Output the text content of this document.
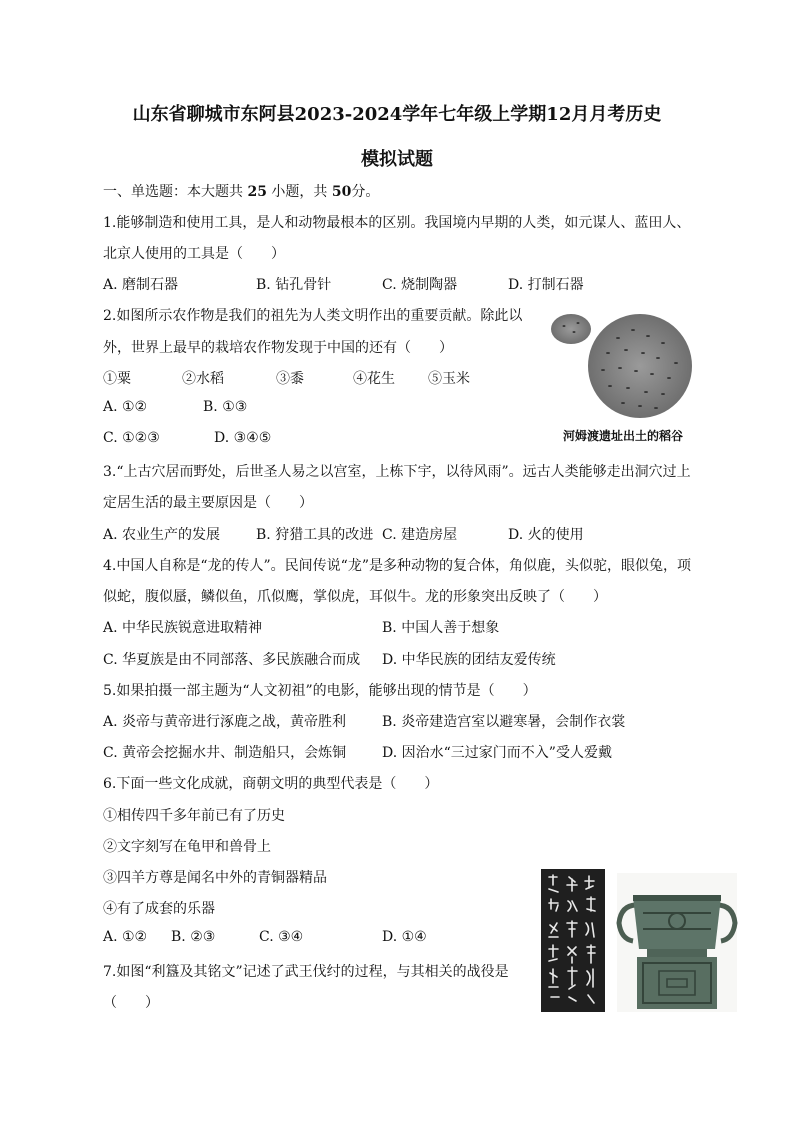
山东省聊城市东阿县2023-2024学年七年级上学期12月月考历史
模拟试题
一、单选题：本大题共 25 小题，共 50分。
1.能够制造和使用工具，是人和动物最根本的区别。我国境内早期的人类，如元谋人、蓝田人、
北京人使用的工具是（　　）
A. 磨制石器	B. 钻孔骨针	C. 烧制陶器	D. 打制石器
2.如图所示农作物是我们的祖先为人类文明作出的重要贡献。除此以
外，世界上最早的栽培农作物发现于中国的还有（　　）
①粟	②水稻	③黍	④花生 ⑤玉米
A. ①②	B. ①③
C. ①②③	D. ③④⑤	河姆渡遗址出土的稻谷
3.“上古穴居而野处，后世圣人易之以宫室，上栋下宇，以待风雨”。远古人类能够走出洞穴过上
定居生活的最主要原因是（　　）
A. 农业生产的发展	B. 狩猎工具的改进 C. 建造房屋	D. 火的使用
4.中国人自称是“龙的传人”。民间传说“龙”是多种动物的复合体，角似鹿，头似驼，眼似兔，项
似蛇，腹似蜃，鳞似鱼，爪似鹰，掌似虎，耳似牛。龙的形象突出反映了（　　）
A. 中华民族锐意进取精神	B. 中国人善于想象
C. 华夏族是由不同部落、多民族融合而成 D. 中华民族的团结友爱传统
5.如果拍摄一部主题为“人文初祖”的电影，能够出现的情节是（　　）
A. 炎帝与黄帝进行涿鹿之战，黄帝胜利	B. 炎帝建造宫室以避寒暑，会制作衣裳
C. 黄帝会挖掘水井、制造船只，会炼铜	D. 因治水“三过家门而不入”受人爱戴
6.下面一些文化成就，商朝文明的典型代表是（　　）
①相传四千多年前已有了历史
②文字刻写在龟甲和兽骨上
③四羊方尊是闻名中外的青铜器精品
④有了成套的乐器
A. ①② B. ②③	C. ③④	D. ①④
7.如图“利簋及其铭文”记述了武王伐纣的过程，与其相关的战役是
（　　）
